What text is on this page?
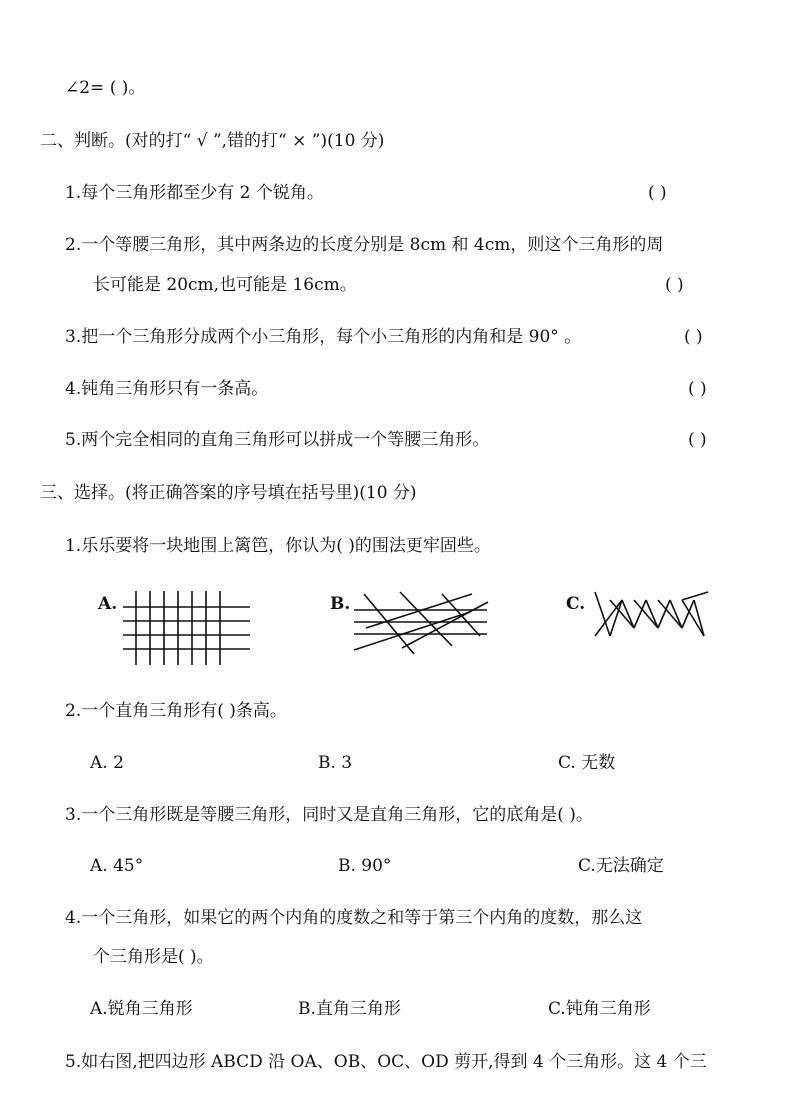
∠2= ( )。
二、判断。(对的打“ √ ”,错的打“ × ”)(10 分)
1.每个三角形都至少有 2 个锐角。	( )
2.一个等腰三角形，其中两条边的长度分别是 8cm 和 4cm，则这个三角形的周
长可能是 20cm,也可能是 16cm。	( )
3.把一个三角形分成两个小三角形，每个小三角形的内角和是 90° 。	( )
4.钝角三角形只有一条高。	( )
5.两个完全相同的直角三角形可以拼成一个等腰三角形。	( )
三、选择。(将正确答案的序号填在括号里)(10 分)
1.乐乐要将一块地围上篱笆，你认为( )的围法更牢固些。
A.	B.	C.
2.一个直角三角形有( )条高。
A. 2	B. 3	C. 无数
3.一个三角形既是等腰三角形，同时又是直角三角形，它的底角是( )。
A. 45°	B. 90°	C.无法确定
4.一个三角形，如果它的两个内角的度数之和等于第三个内角的度数，那么这
个三角形是( )。
A.锐角三角形	B.直角三角形	C.钝角三角形
5.如右图,把四边形 ABCD 沿 OA、OB、OC、OD 剪开,得到 4 个三角形。这 4 个三
